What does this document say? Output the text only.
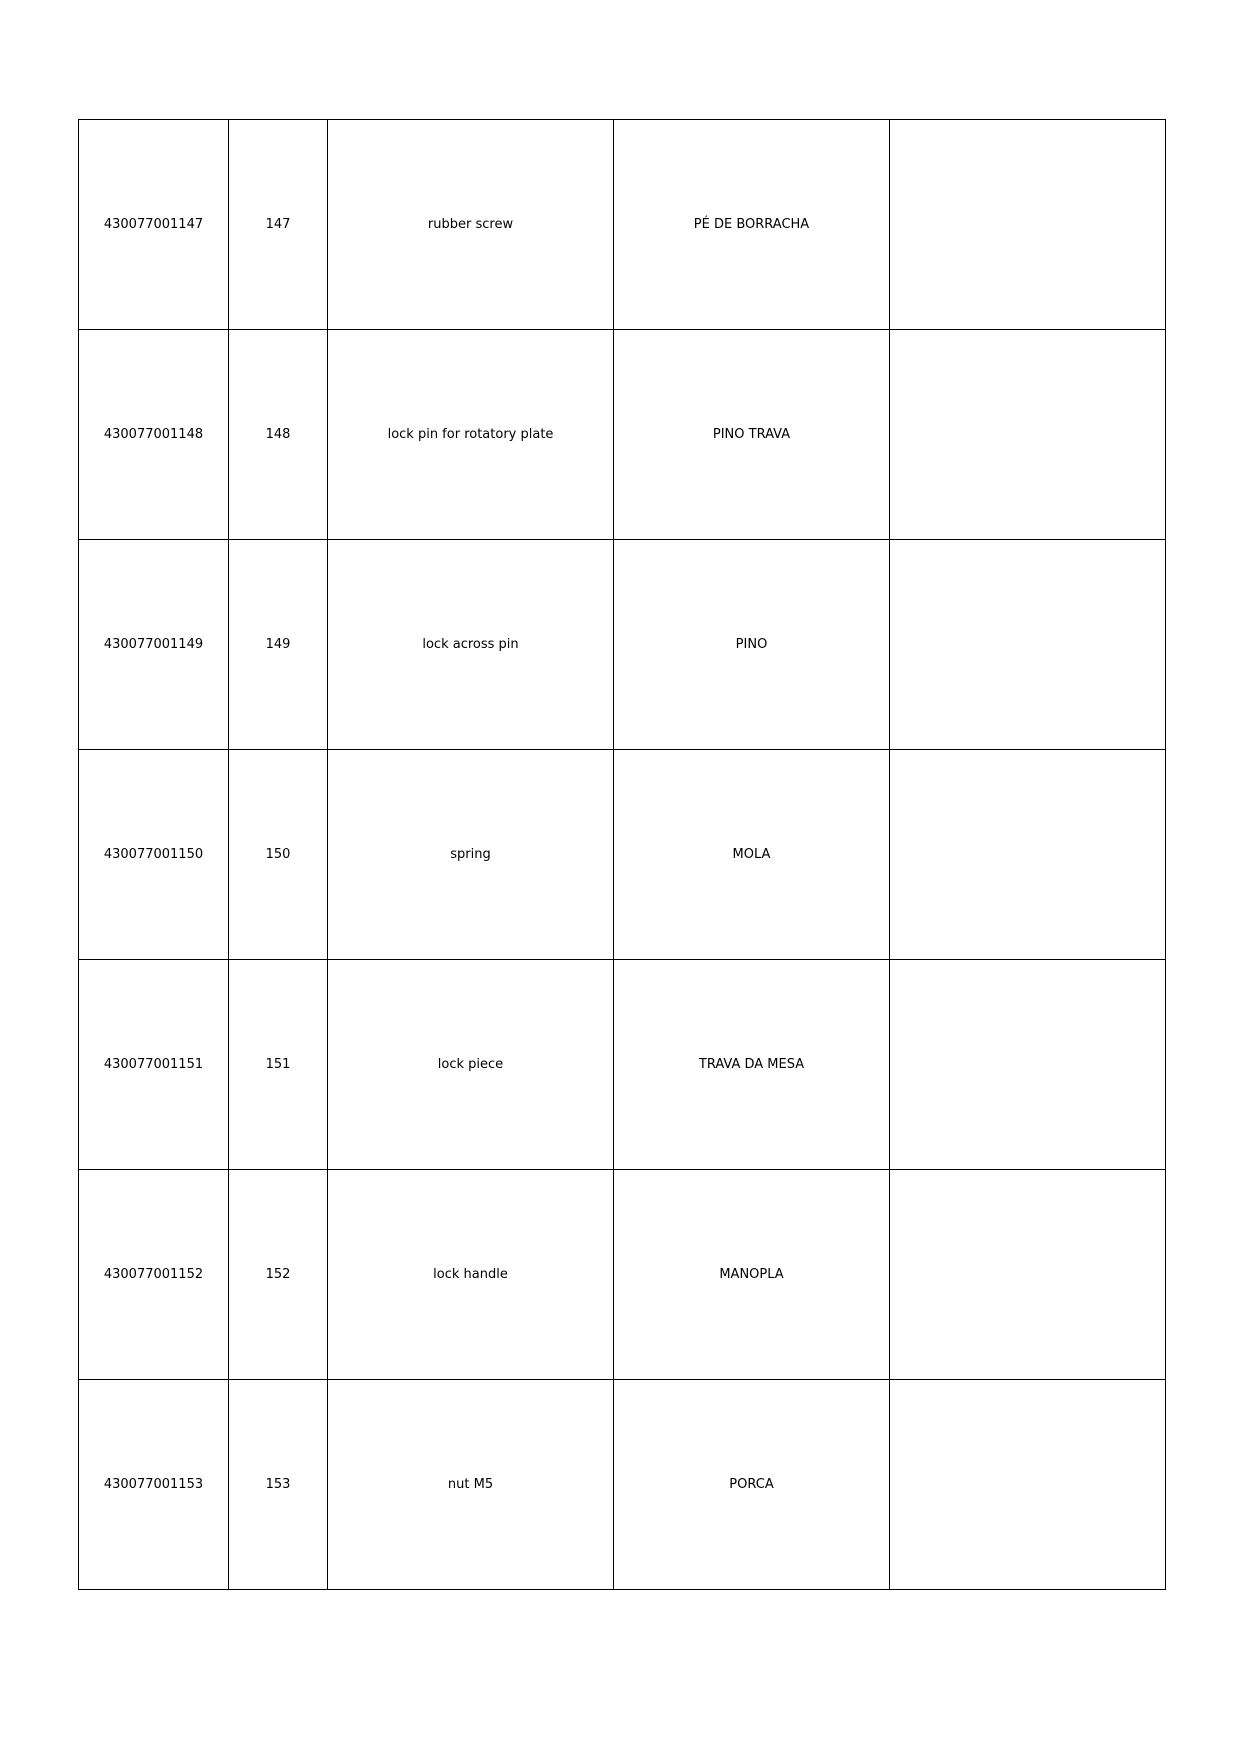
430077001147	147	rubber screw	PÉ DE BORRACHA	
430077001148	148	lock pin for rotatory plate	PINO TRAVA	
430077001149	149	lock across pin	PINO	
430077001150	150	spring	MOLA	
430077001151	151	lock piece	TRAVA DA MESA	
430077001152	152	lock handle	MANOPLA	
430077001153	153	nut M5	PORCA	
